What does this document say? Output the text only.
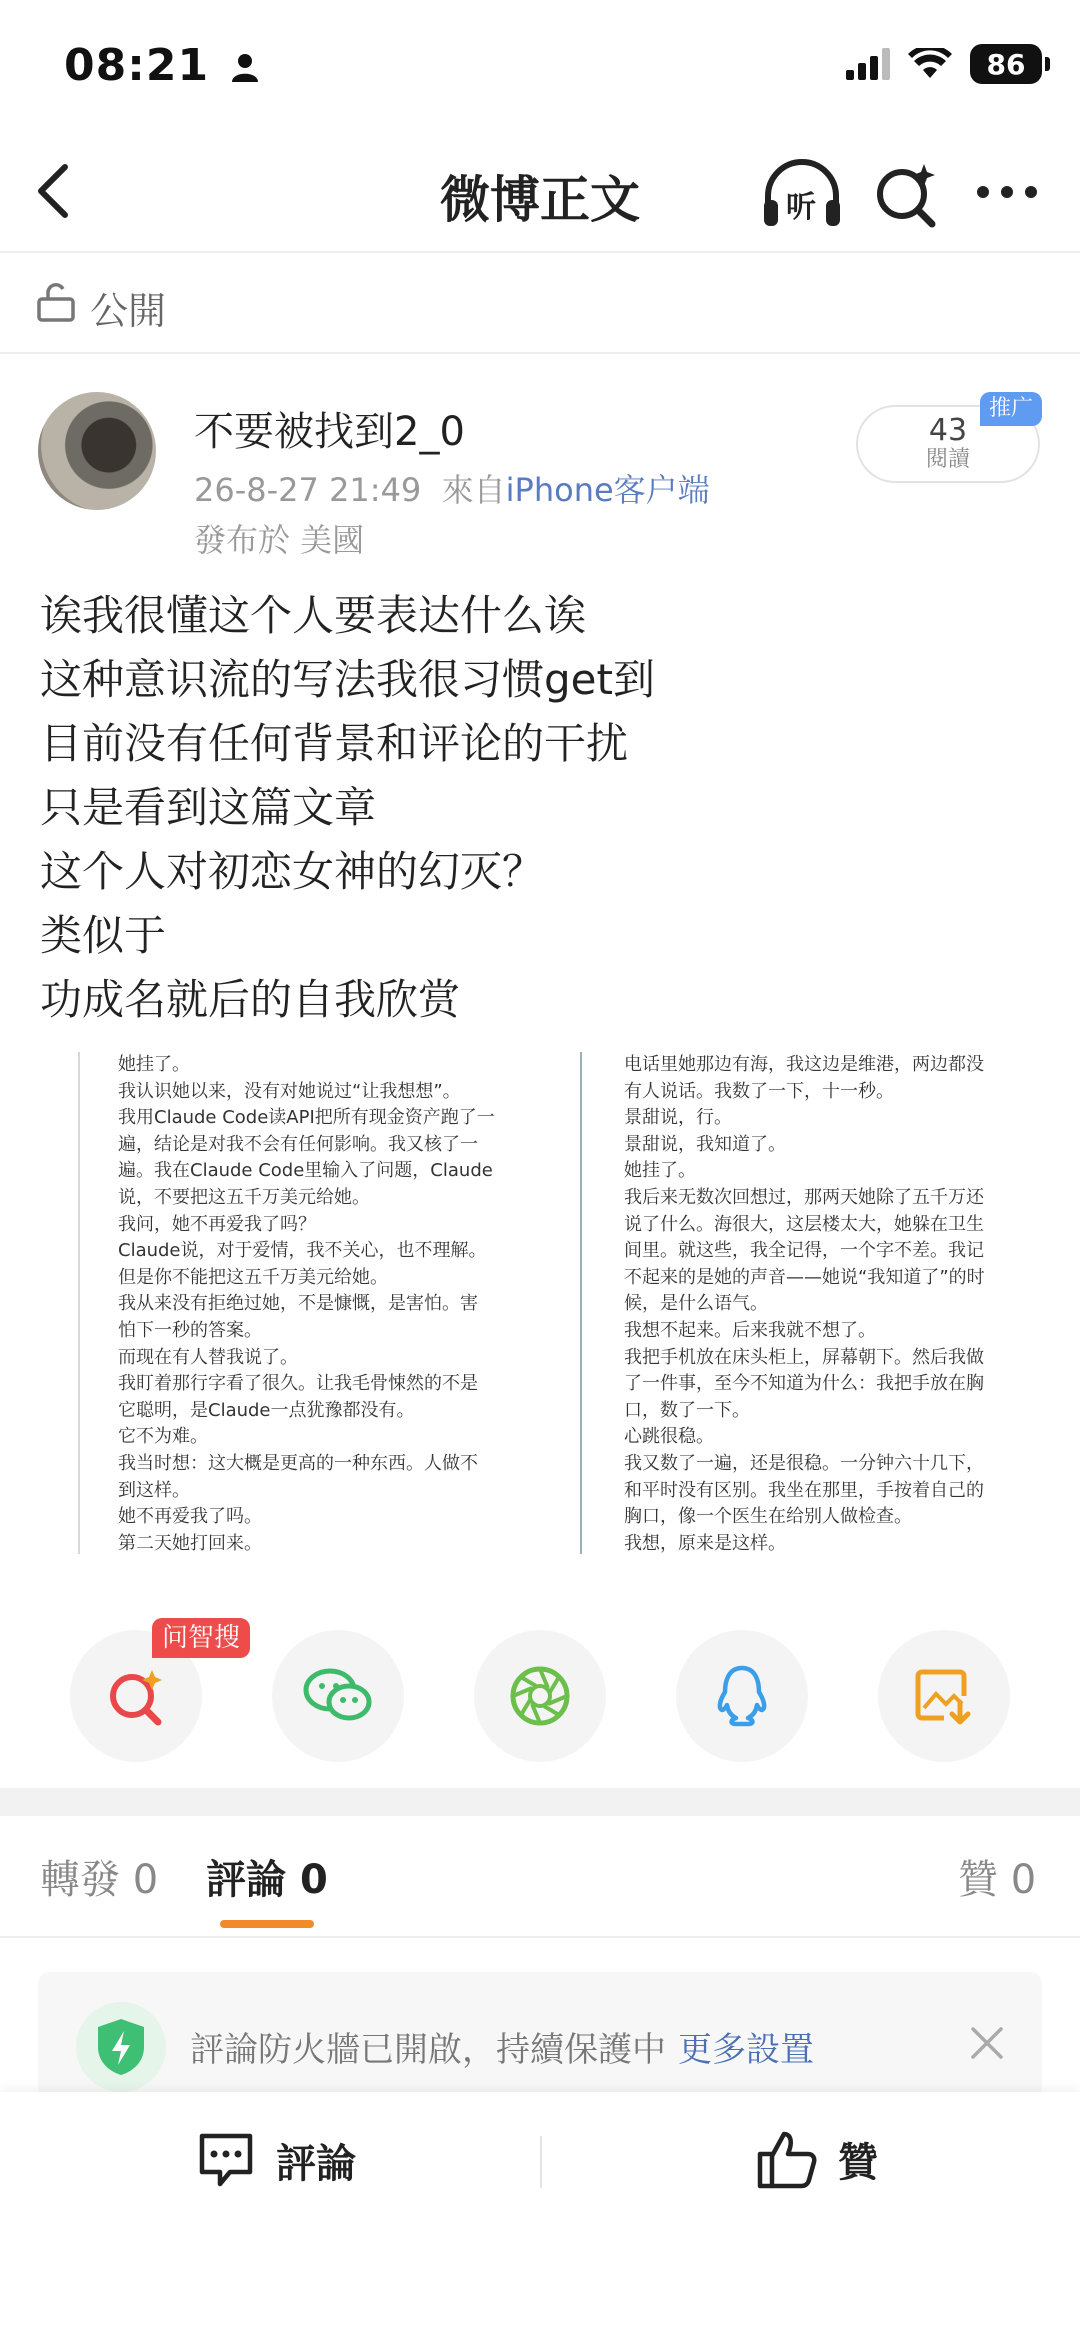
08:21	86
微博正文	听
公開
不要被找到2_0
26-8-27 21:49 來自iPhone客户端
發布於 美國
43
閱讀
推广
诶我很懂这个人要表达什么诶
这种意识流的写法我很习惯get到
目前没有任何背景和评论的干扰
只是看到这篇文章
这个人对初恋女神的幻灭？
类似于
功成名就后的自我欣赏
她挂了。
我认识她以来，没有对她说过“让我想想”。
我用Claude Code读API把所有现金资产跑了一
遍，结论是对我不会有任何影响。我又核了一
遍。我在Claude Code里输入了问题，Claude
说，不要把这五千万美元给她。
我问，她不再爱我了吗？
Claude说，对于爱情，我不关心，也不理解。
但是你不能把这五千万美元给她。
我从来没有拒绝过她，不是慷慨，是害怕。害
怕下一秒的答案。
而现在有人替我说了。
我盯着那行字看了很久。让我毛骨悚然的不是
它聪明，是Claude一点犹豫都没有。
它不为难。
我当时想：这大概是更高的一种东西。人做不
到这样。
她不再爱我了吗。
第二天她打回来。
电话里她那边有海，我这边是维港，两边都没
有人说话。我数了一下，十一秒。
景甜说，行。
景甜说，我知道了。
她挂了。
我后来无数次回想过，那两天她除了五千万还
说了什么。海很大，这层楼太大，她躲在卫生
间里。就这些，我全记得，一个字不差。我记
不起来的是她的声音——她说“我知道了”的时
候，是什么语气。
我想不起来。后来我就不想了。
我把手机放在床头柜上，屏幕朝下。然后我做
了一件事，至今不知道为什么：我把手放在胸
口，数了一下。
心跳很稳。
我又数了一遍，还是很稳。一分钟六十几下，
和平时没有区别。我坐在那里，手按着自己的
胸口，像一个医生在给别人做检查。
我想，原来是这样。
问智搜
轉發 0 評論 0	贊 0
評論防火牆已開啟，持續保護中 更多設置
評論	贊
